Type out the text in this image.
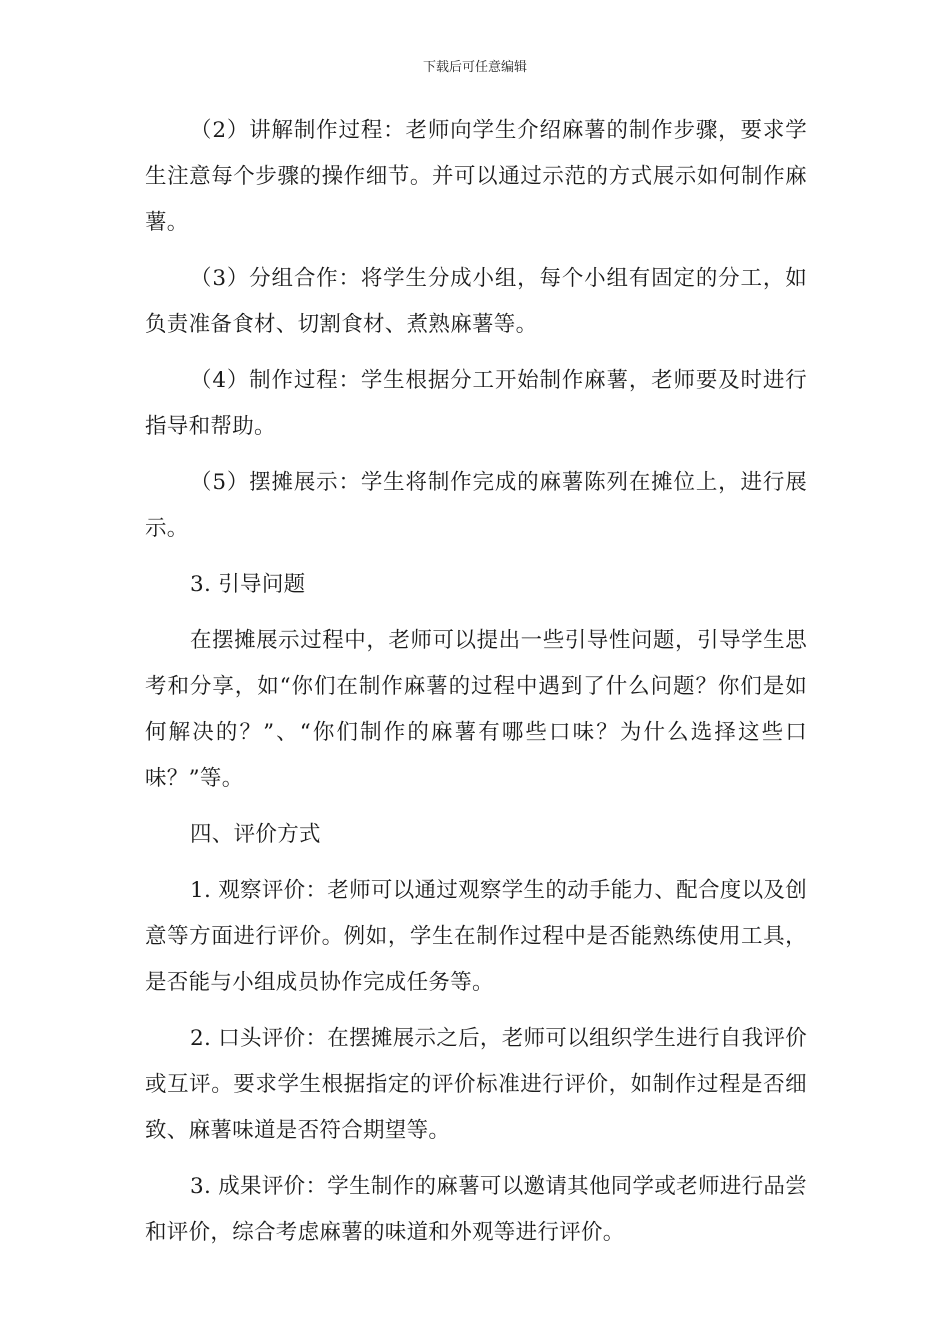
下载后可任意编辑

（2）讲解制作过程：老师向学生介绍麻薯的制作步骤，要求学生注意每个步骤的操作细节。并可以通过示范的方式展示如何制作麻薯。

（3）分组合作：将学生分成小组，每个小组有固定的分工，如负责准备食材、切割食材、煮熟麻薯等。

（4）制作过程：学生根据分工开始制作麻薯，老师要及时进行指导和帮助。

（5）摆摊展示：学生将制作完成的麻薯陈列在摊位上，进行展示。

3. 引导问题

在摆摊展示过程中，老师可以提出一些引导性问题，引导学生思考和分享，如“你们在制作麻薯的过程中遇到了什么问题？你们是如何解决的？”、“你们制作的麻薯有哪些口味？为什么选择这些口味？”等。

四、评价方式

1. 观察评价：老师可以通过观察学生的动手能力、配合度以及创意等方面进行评价。例如，学生在制作过程中是否能熟练使用工具，是否能与小组成员协作完成任务等。

2. 口头评价：在摆摊展示之后，老师可以组织学生进行自我评价或互评。要求学生根据指定的评价标准进行评价，如制作过程是否细致、麻薯味道是否符合期望等。

3. 成果评价：学生制作的麻薯可以邀请其他同学或老师进行品尝和评价，综合考虑麻薯的味道和外观等进行评价。
